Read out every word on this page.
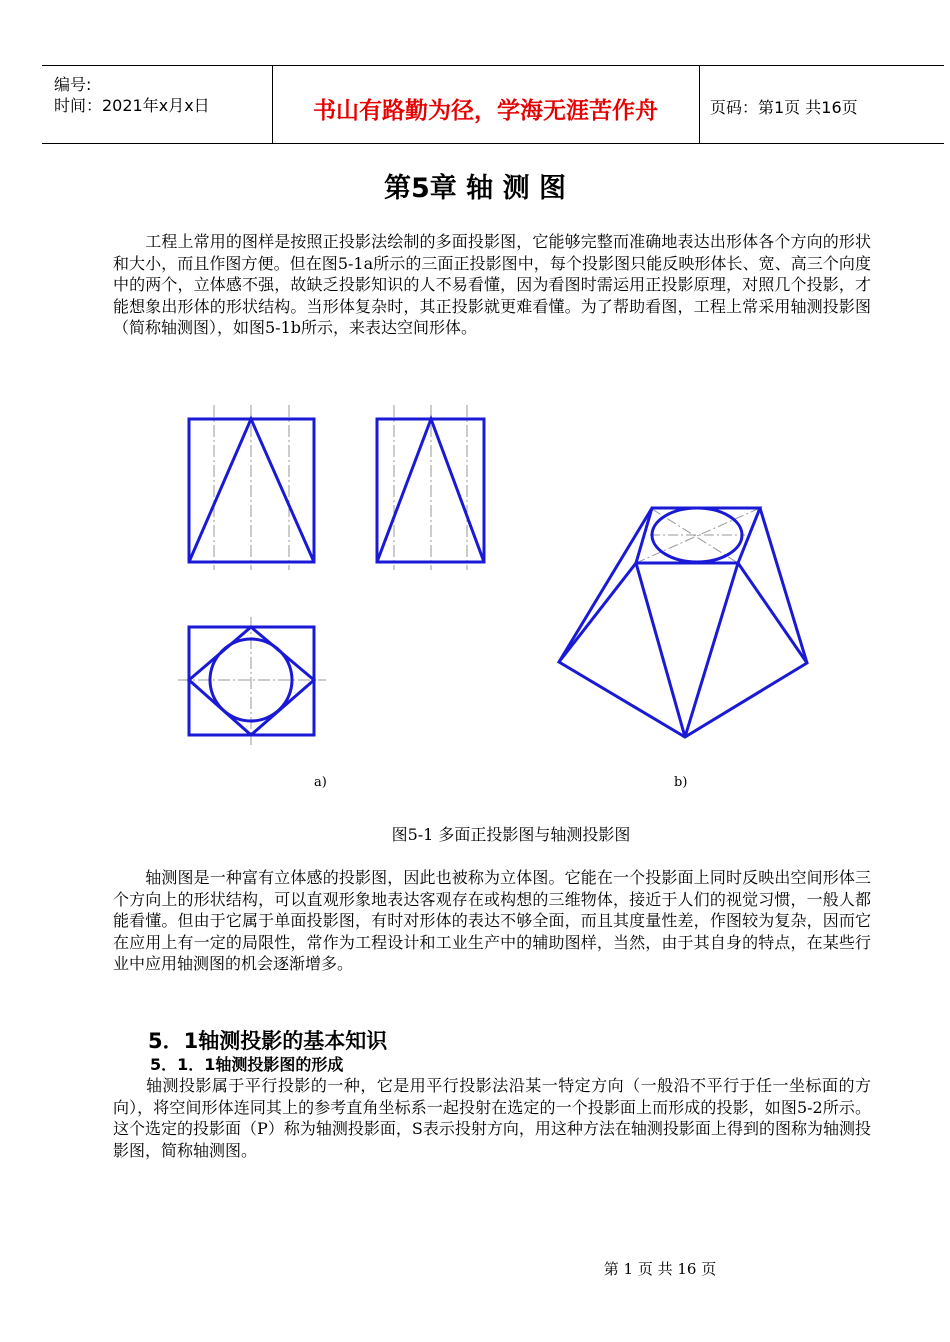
编号:
时间：2021年x月x日	书山有路勤为径，学海无涯苦作舟	页码：第1页 共16页
第5章 轴 测 图
　　工程上常用的图样是按照正投影法绘制的多面投影图，它能够完整而准确地表达出形体各个方向的形状和大小，而且作图方便。但在图5-1a所示的三面正投影图中，每个投影图只能反映形体长、宽、高三个向度中的两个，立体感不强，故缺乏投影知识的人不易看懂，因为看图时需运用正投影原理，对照几个投影，才能想象出形体的形状结构。当形体复杂时，其正投影就更难看懂。为了帮助看图，工程上常采用轴测投影图（简称轴测图），如图5-1b所示，来表达空间形体。
a)	b)
图5-1 多面正投影图与轴测投影图
　　轴测图是一种富有立体感的投影图，因此也被称为立体图。它能在一个投影面上同时反映出空间形体三个方向上的形状结构，可以直观形象地表达客观存在或构想的三维物体，接近于人们的视觉习惯，一般人都能看懂。但由于它属于单面投影图，有时对形体的表达不够全面，而且其度量性差，作图较为复杂，因而它在应用上有一定的局限性，常作为工程设计和工业生产中的辅助图样，当然，由于其自身的特点，在某些行业中应用轴测图的机会逐渐增多。
5．1轴测投影的基本知识
5．1．1轴测投影图的形成
　　轴测投影属于平行投影的一种，它是用平行投影法沿某一特定方向（一般沿不平行于任一坐标面的方向），将空间形体连同其上的参考直角坐标系一起投射在选定的一个投影面上而形成的投影，如图5-2所示。这个选定的投影面（P）称为轴测投影面，S表示投射方向，用这种方法在轴测投影面上得到的图称为轴测投影图，简称轴测图。
第 1 页 共 16 页
